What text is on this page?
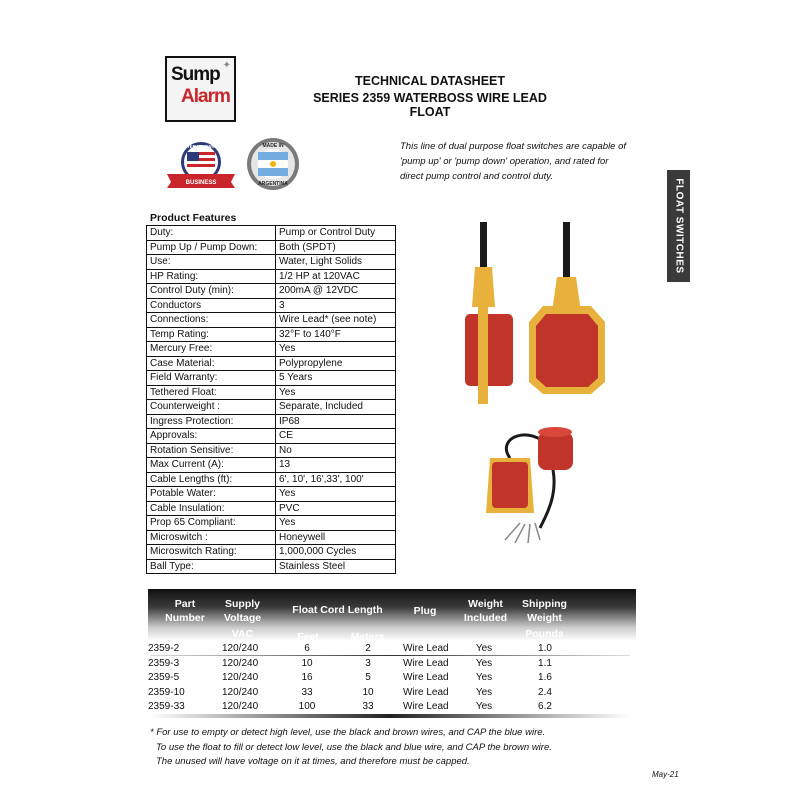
✦
Sump
Alarm
TECHNICAL DATASHEET
SERIES 2359 WATERBOSS WIRE LEAD FLOAT
VETERAN OWNED
BUSINESS
MADE IN
ARGENTINA
This line of dual purpose float switches are capable of
'pump up' or 'pump down' operation, and rated for
direct pump control and control duty.
FLOAT SWITCHES
Product Features
Duty:	Pump or Control Duty
Pump Up / Pump Down:	Both (SPDT)
Use:	Water, Light Solids
HP Rating:	1/2 HP at 120VAC
Control Duty (min):	200mA @ 12VDC
Conductors	3
Connections:	Wire Lead* (see note)
Temp Rating:	32°F to 140°F
Mercury Free:	Yes
Case Material:	Polypropylene
Field Warranty:	5 Years
Tethered Float:	Yes
Counterweight :	Separate, Included
Ingress Protection:	IP68
Approvals:	CE
Rotation Sensitive:	No
Max Current (A):	13
Cable Lengths (ft):	6', 10', 16',33', 100'
Potable Water:	Yes
Cable Insulation:	PVC
Prop 65 Compliant:	Yes
Microswitch :	Honeywell
Microswitch Rating:	1,000,000 Cycles
Ball Type:	Stainless Steel
Part
Number
Supply
Voltage
VAC
Float Cord Length
Feet	Meters
Plug
Weight
Included
Shipping
Weight
Pounds
2359-2	120/240	6	2	Wire Lead	Yes	1.0
2359-3	120/240	10	3	Wire Lead	Yes	1.1
2359-5	120/240	16	5	Wire Lead	Yes	1.6
2359-10	120/240	33	10	Wire Lead	Yes	2.4
2359-33	120/240	100	33	Wire Lead	Yes	6.2
* For use to empty or detect high level, use the black and brown wires, and CAP the blue wire.
To use the float to fill or detect low level, use the black and blue wire, and CAP the brown wire.
The unused will have voltage on it at times, and therefore must be capped.
May-21
